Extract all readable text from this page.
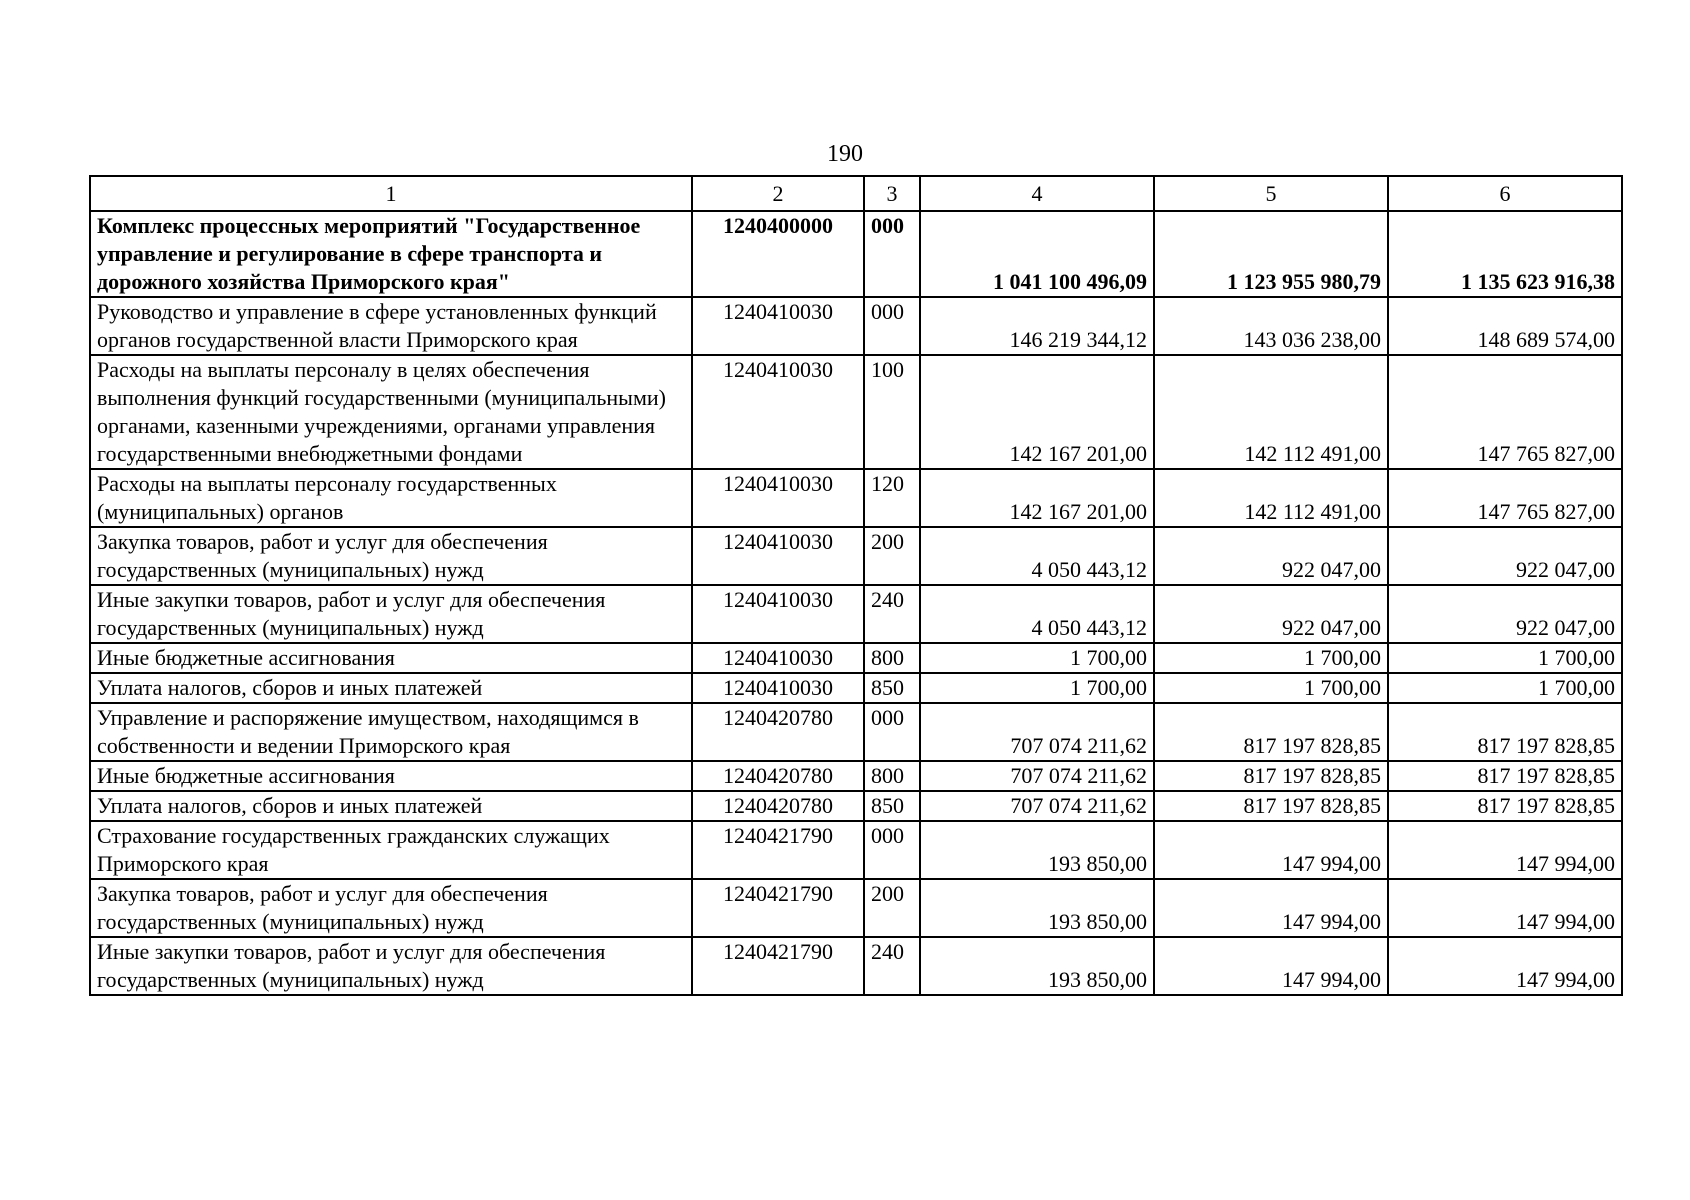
190
1	2	3	4	5	6

Комплекс процессных мероприятий "Государственное управление и регулирование в сфере транспорта и дорожного хозяйства Приморского края"	1240400000	000	1 041 100 496,09	1 123 955 980,79	1 135 623 916,38

Руководство и управление в сфере установленных функций органов государственной власти Приморского края	1240410030	000	146 219 344,12	143 036 238,00	148 689 574,00

Расходы на выплаты персоналу в целях обеспечения выполнения функций государственными (муниципальными) органами, казенными учреждениями, органами управления государственными внебюджетными фондами	1240410030	100	142 167 201,00	142 112 491,00	147 765 827,00

Расходы на выплаты персоналу государственных (муниципальных) органов	1240410030	120	142 167 201,00	142 112 491,00	147 765 827,00

Закупка товаров, работ и услуг для обеспечения государственных (муниципальных) нужд	1240410030	200	4 050 443,12	922 047,00	922 047,00

Иные закупки товаров, работ и услуг для обеспечения государственных (муниципальных) нужд	1240410030	240	4 050 443,12	922 047,00	922 047,00

Иные бюджетные ассигнования	1240410030	800	1 700,00	1 700,00	1 700,00

Уплата налогов, сборов и иных платежей	1240410030	850	1 700,00	1 700,00	1 700,00

Управление и распоряжение имуществом, находящимся в собственности и ведении Приморского края	1240420780	000	707 074 211,62	817 197 828,85	817 197 828,85

Иные бюджетные ассигнования	1240420780	800	707 074 211,62	817 197 828,85	817 197 828,85

Уплата налогов, сборов и иных платежей	1240420780	850	707 074 211,62	817 197 828,85	817 197 828,85

Страхование государственных гражданских служащих Приморского края	1240421790	000	193 850,00	147 994,00	147 994,00

Закупка товаров, работ и услуг для обеспечения государственных (муниципальных) нужд	1240421790	200	193 850,00	147 994,00	147 994,00

Иные закупки товаров, работ и услуг для обеспечения государственных (муниципальных) нужд	1240421790	240	193 850,00	147 994,00	147 994,00
